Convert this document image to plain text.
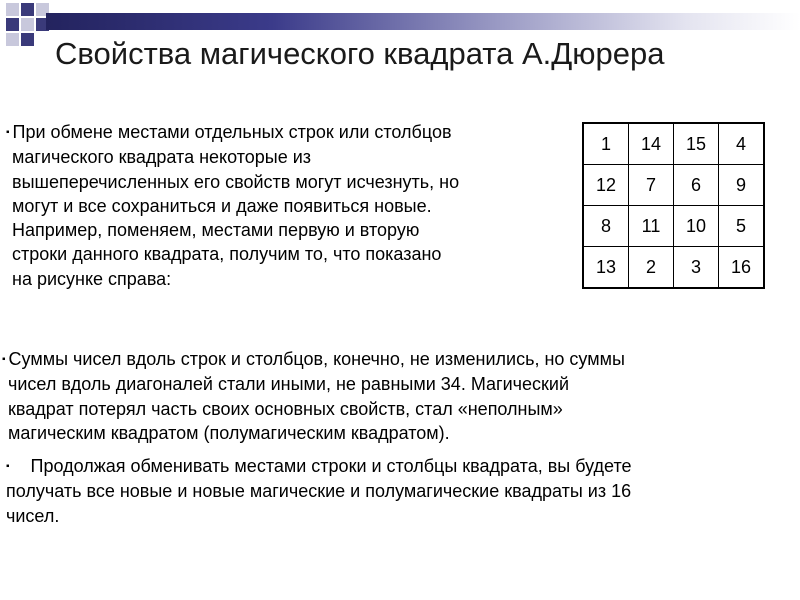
Свойства магического квадрата А.Дюрера
▪ При обмене местами отдельных строк или столбцов
магического квадрата некоторые из
вышеперечисленных его свойств могут исчезнуть, но
могут и все сохраниться и даже появиться новые.
Например, поменяем, местами первую и вторую
строки данного квадрата, получим то, что показано
на рисунке справа:
1	14	15	4
12	7	6	9
8	11	10	5
13	2	3	16
▪ Суммы чисел вдоль строк и столбцов, конечно, не изменились, но суммы
чисел вдоль диагоналей стали иными, не равными 34. Магический
квадрат потерял часть своих основных свойств, стал «неполным»
магическим квадратом (полумагическим квадратом).
▪ Продолжая обменивать местами строки и столбцы квадрата, вы будете
получать все новые и новые магические и полумагические квадраты из 16
чисел.
